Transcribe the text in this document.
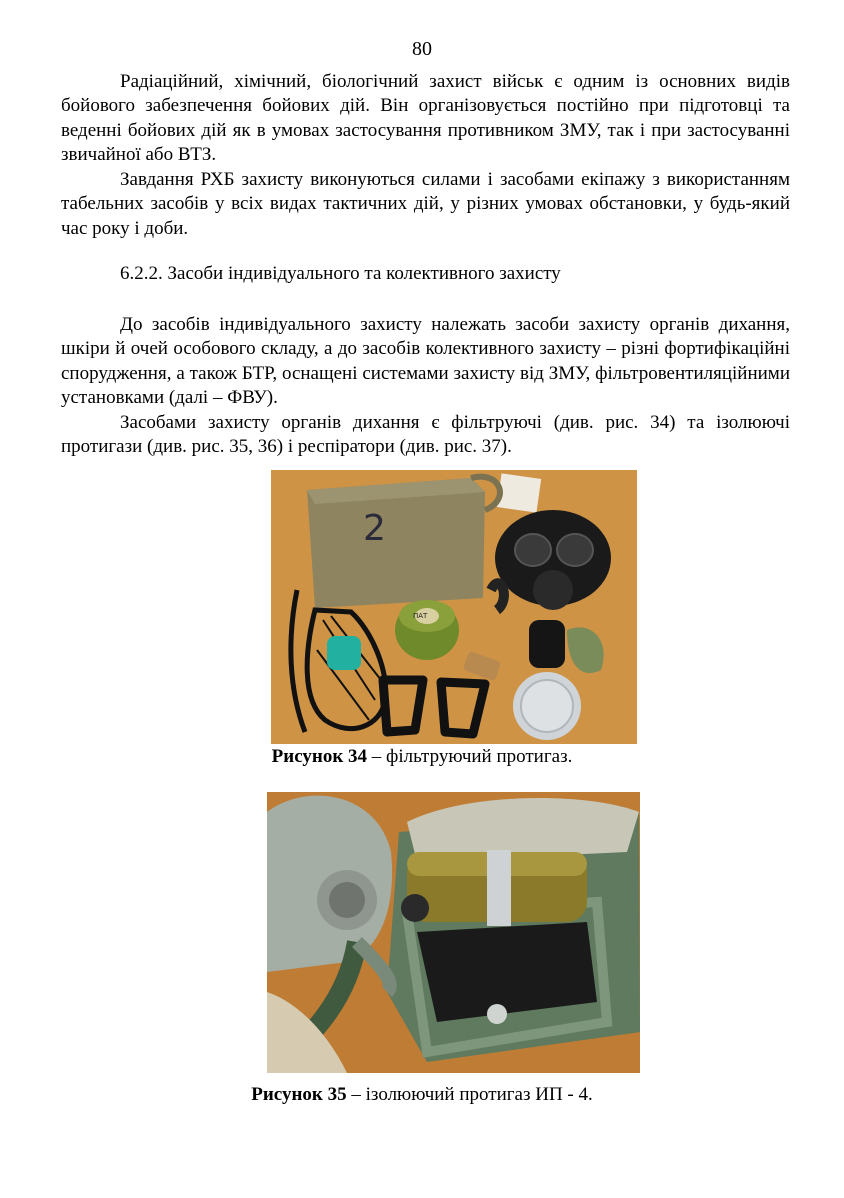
80

Радіаційний, хімічний, біологічний захист військ є одним із основних видів бойового забезпечення бойових дій. Він організовується постійно при підготовці та веденні бойових дій як в умовах застосування противником ЗМУ, так і при застосуванні звичайної або ВТЗ.

Завдання РХБ захисту виконуються силами і засобами екіпажу з використанням табельних засобів у всіх видах тактичних дій, у різних умовах обстановки, у будь-який час року і доби.

6.2.2. Засоби індивідуального та колективного захисту

До засобів індивідуального захисту належать засоби захисту органів дихання, шкіри й очей особового складу, а до засобів колективного захисту – різні фортифікаційні спорудження, а також БТР, оснащені системами захисту від ЗМУ, фільтровентиляційними установками (далі – ФВУ).

Засобами захисту органів дихання є фільтруючі (див. рис. 34) та ізолюючі протигази (див. рис. 35, 36) і респіратори (див. рис. 37).

2
ПАТ
Рисунок 34 – фільтруючий протигаз.
Рисунок 35 – ізолюючий протигаз ИП - 4.
